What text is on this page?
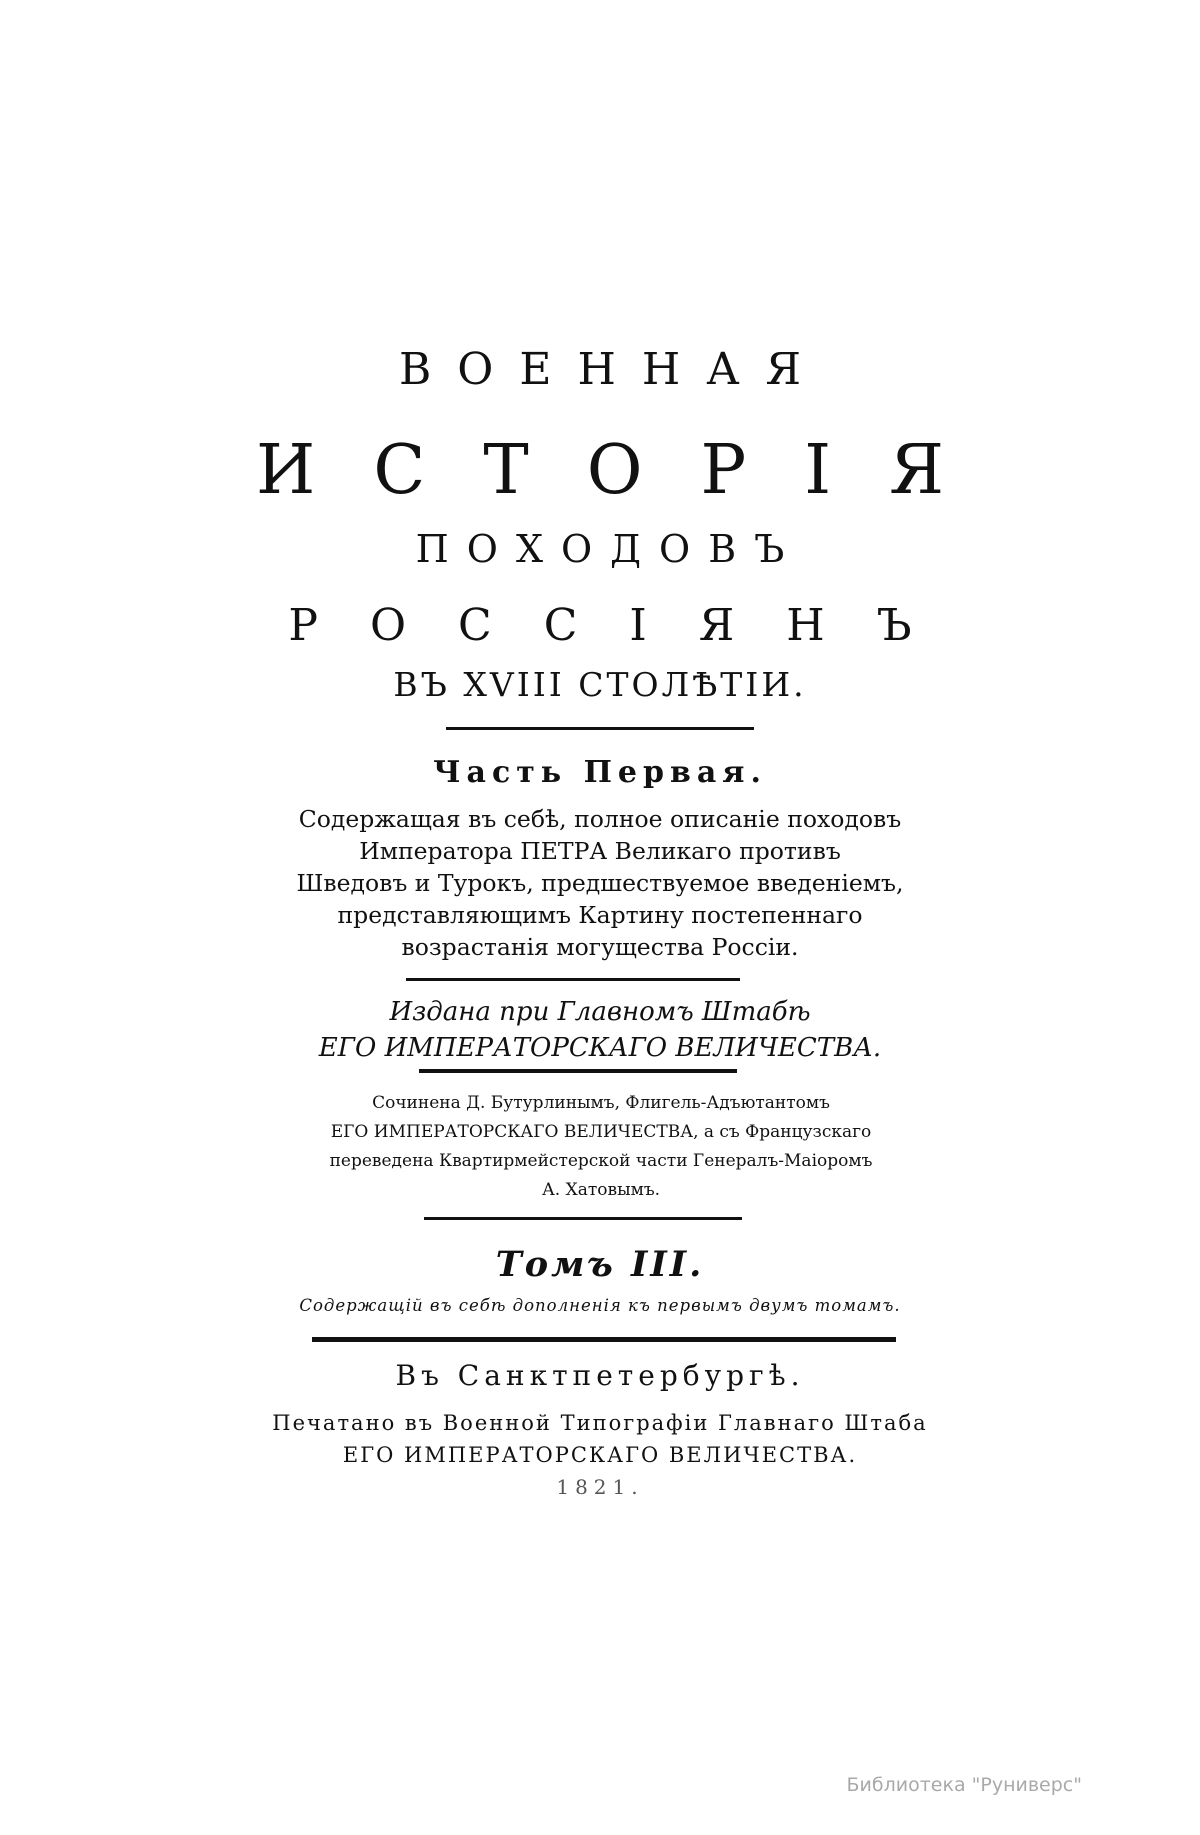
ВОЕННАЯ
ИСТОРІЯ
ПОХОДОВЪ
РОССІЯНЪ
ВЪ XVIII СТОЛѢТІИ.
Часть Первая.
Содержащая въ себѣ, полное описаніе походовъ
Императора ПЕТРА Великаго противъ
Шведовъ и Турокъ, предшествуемое введеніемъ,
представляющимъ Картину постепеннаго
возрастанія могущества Россіи.
Издана при Главномъ Штабѣ
ЕГО ИМПЕРАТОРСКАГО ВЕЛИЧЕСТВА.
Сочинена Д. Бутурлинымъ, Флигель-Адъютантомъ
ЕГО ИМПЕРАТОРСКАГО ВЕЛИЧЕСТВА, а съ Французскаго
переведена Квартирмейстерской части Генералъ-Маіоромъ
А. Хатовымъ.
Томъ III.
Содержащій въ себѣ дополненія къ первымъ двумъ томамъ.
Въ Санктпетербургѣ.
Печатано въ Военной Типографіи Главнаго Штаба
ЕГО ИМПЕРАТОРСКАГО ВЕЛИЧЕСТВА.
1821.
Библиотека "Руниверс"
